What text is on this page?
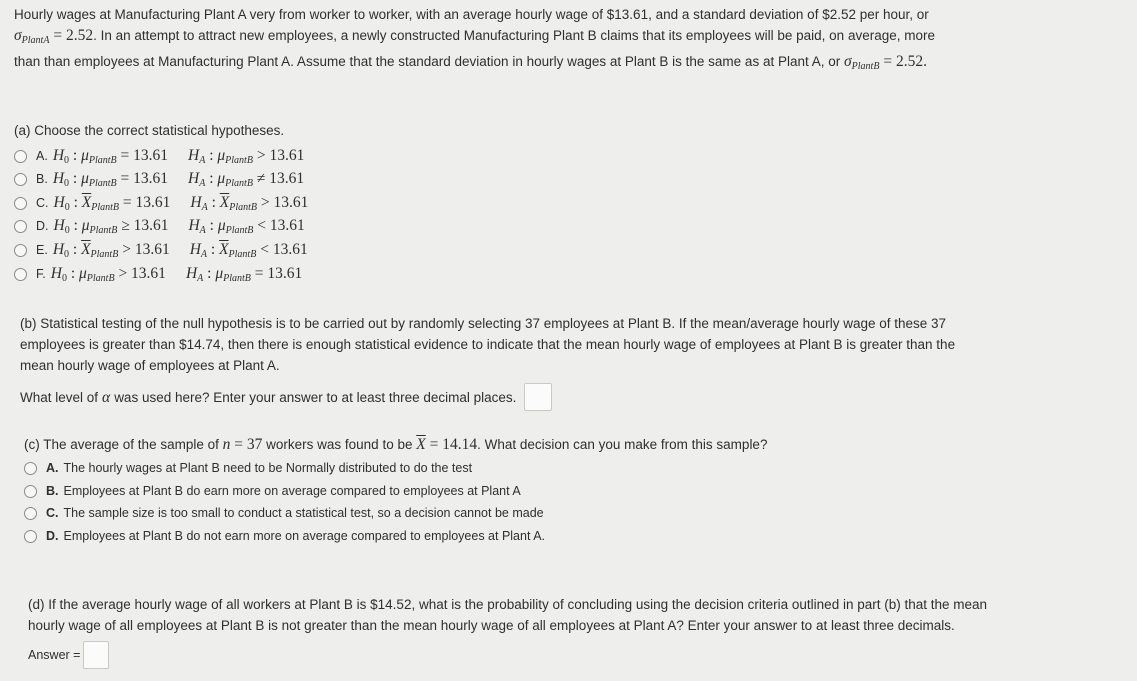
Hourly wages at Manufacturing Plant A very from worker to worker, with an average hourly wage of $13.61, and a standard deviation of $2.52 per hour, or
$\sigma_{PlantA} = 2.52$. In an attempt to attract new employees, a newly constructed Manufacturing Plant B claims that its employees will be paid, on average, more
than than employees at Manufacturing Plant A. Assume that the standard deviation in hourly wages at Plant B is the same as at Plant A, or $\sigma_{PlantB} = 2.52$.
(a) Choose the correct statistical hypotheses.
A. $H_0$ : $\mu_{PlantB} = 13.61$ $H_A$ : $\mu_{PlantB} > 13.61$
B. $H_0$ : $\mu_{PlantB} = 13.61$ $H_A$ : $\mu_{PlantB} \ne 13.61$
C. $H_0$ : $\overline{X}_{PlantB} = 13.61$ $H_A$ : $\overline{X}_{PlantB} > 13.61$
D. $H_0$ : $\mu_{PlantB} \ge 13.61$ $H_A$ : $\mu_{PlantB} < 13.61$
E. $H_0$ : $\overline{X}_{PlantB} > 13.61$ $H_A$ : $\overline{X}_{PlantB} < 13.61$
F. $H_0$ : $\mu_{PlantB} > 13.61$ $H_A$ : $\mu_{PlantB} = 13.61$
(b) Statistical testing of the null hypothesis is to be carried out by randomly selecting 37 employees at Plant B. If the mean/average hourly wage of these 37
employees is greater than $14.74, then there is enough statistical evidence to indicate that the mean hourly wage of employees at Plant B is greater than the
mean hourly wage of employees at Plant A.
What level of α was used here? Enter your answer to at least three decimal places.
(c) The average of the sample of n = 37 workers was found to be $\overline{X} = 14.14$. What decision can you make from this sample?
A. The hourly wages at Plant B need to be Normally distributed to do the test
B. Employees at Plant B do earn more on average compared to employees at Plant A
C. The sample size is too small to conduct a statistical test, so a decision cannot be made
D. Employees at Plant B do not earn more on average compared to employees at Plant A.
(d) If the average hourly wage of all workers at Plant B is $14.52, what is the probability of concluding using the decision criteria outlined in part (b) that the mean
hourly wage of all employees at Plant B is not greater than the mean hourly wage of all employees at Plant A? Enter your answer to at least three decimals.
Answer =
